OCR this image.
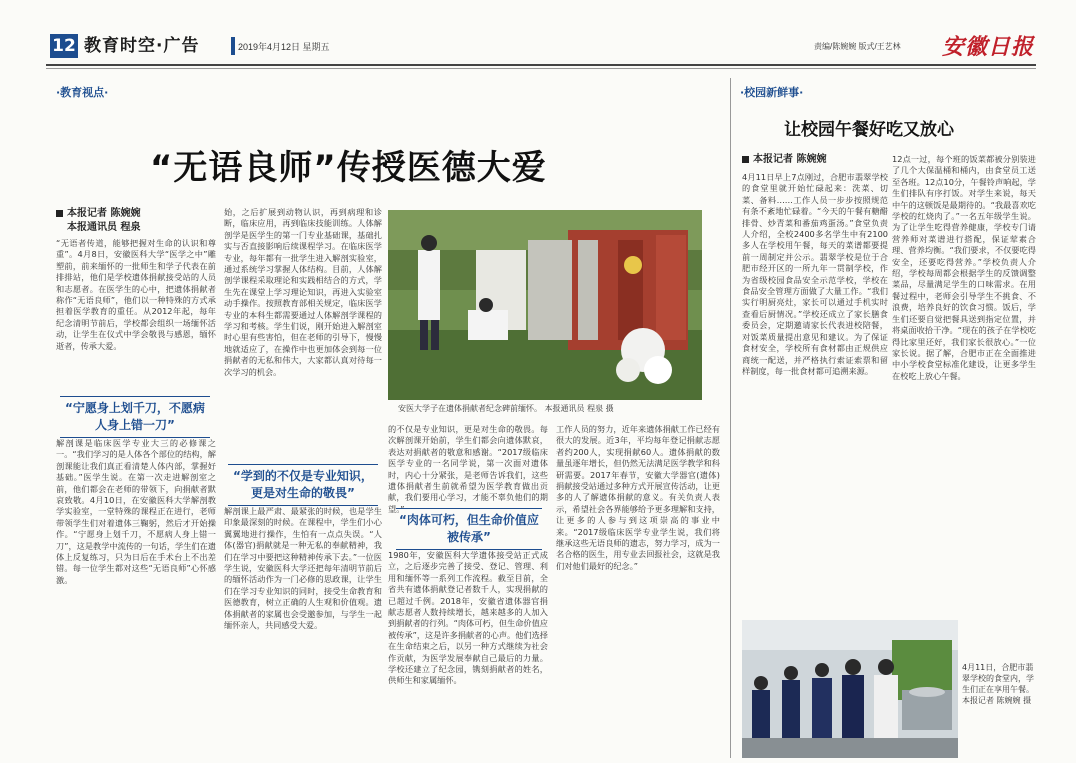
12 教育时空·广告	2019年4月12日 星期五	责编/陈婉婉 版式/王艺林 安徽日报
·教育视点·	·校园新鲜事·
“无语良师”传授医德大爱
本报记者 陈婉婉
本报通讯员 程泉
“无语者传道，能够把握对生命的认识和尊重”。4月8日，安徽医科大学“医学之中”雕塑前，前来缅怀的一批师生和学子代表在前排排站，他们是学校遗体捐献接受站的人员和志愿者。在医学生的心中，把遗体捐献者称作“无语良师”，他们以一种特殊的方式承担着医学教育的重任。从2012年起，每年纪念清明节前后，学校都会组织一场缅怀活动，让学生在仪式中学会敬畏与感恩，缅怀逝者，传承大爱。
“宁愿身上划千刀，不愿病人身上错一刀”
解剖课是临床医学专业大三的必修课之一。“我们学习的是人体各个部位的结构，解剖课能让我们真正看清楚人体内部，掌握好基础。”医学生说。在第一次走进解剖室之前，他们都会在老师的带领下，向捐献者默哀致敬。4月10日，在安徽医科大学解剖教学实验室，一堂特殊的课程正在进行，老师带领学生们对着遗体三鞠躬，然后才开始操作。“宁愿身上划千刀，不愿病人身上错一刀”，这是教学中流传的一句话，学生们在遗体上反复练习，只为日后在手术台上不出差错。每一位学生都对这些“无语良师”心怀感激。
始，之后扩展到动物认识，再到病理和诊断，临床应用，再到临床技能训练。人体解剖学是医学生的第一门专业基础课，基础扎实与否直接影响后续课程学习。在临床医学专业，每年都有一批学生进入解剖实验室，通过系统学习掌握人体结构。目前，人体解剖学课程采取理论和实践相结合的方式，学生先在课堂上学习理论知识，再进入实验室动手操作。按照教育部相关规定，临床医学专业的本科生都需要通过人体解剖学课程的学习和考核。学生们说，刚开始进入解剖室时心里有些害怕，但在老师的引导下，慢慢地就适应了，在操作中也更加体会到每一位捐献者的无私和伟大，大家都认真对待每一次学习的机会。
安医大学子在遗体捐献者纪念碑前缅怀。 本报通讯员 程泉 摄
的不仅是专业知识，更是对生命的敬畏。每次解剖课开始前，学生们都会向遗体默哀，表达对捐献者的敬意和感谢。“2017级临床医学专业的一名同学说，第一次面对遗体时，内心十分紧张，是老师告诉我们，这些遗体捐献者生前就希望为医学教育做出贡献，我们要用心学习，才能不辜负他们的期望。”
“学到的不仅是专业知识，更是对生命的敬畏”
解剖课上最严肃、最紧张的时候，也是学生印象最深刻的时候。在课程中，学生们小心翼翼地进行操作，生怕有一点点失误。“人体(器官)捐献就是一种无私的奉献精神，我们在学习中要把这种精神传承下去。”一位医学生说，安徽医科大学还把每年清明节前后的缅怀活动作为一门必修的思政课，让学生们在学习专业知识的同时，接受生命教育和医德教育，树立正确的人生观和价值观。遗体捐献者的家属也会受邀参加，与学生一起缅怀亲人，共同感受大爱。
“肉体可朽，但生命价值应被传承”
1980年，安徽医科大学遗体接受站正式成立，之后逐步完善了接受、登记、管理、利用和缅怀等一系列工作流程。截至目前，全省共有遗体捐献登记者数千人，实现捐献的已超过千例。2018年，安徽省遗体器官捐献志愿者人数持续增长，越来越多的人加入到捐献者的行列。“肉体可朽，但生命价值应被传承”，这是许多捐献者的心声。他们选择在生命结束之后，以另一种方式继续为社会作贡献，为医学发展奉献自己最后的力量。学校还建立了纪念园，镌刻捐献者的姓名，供师生和家属缅怀。
工作人员的努力，近年来遗体捐献工作已经有很大的发展。近3年，平均每年登记捐献志愿者约200人，实现捐献60人。遗体捐献的数量虽逐年增长，但仍然无法满足医学教学和科研需要。2017年春节，安徽大学器官(遗体)捐献接受站通过多种方式开展宣传活动，让更多的人了解遗体捐献的意义。有关负责人表示，希望社会各界能够给予更多理解和支持，让更多的人参与到这项崇高的事业中来。“2017级临床医学专业学生说，我们将继承这些无语良师的遗志，努力学习，成为一名合格的医生，用专业去回报社会，这就是我们对他们最好的纪念。”
让校园午餐好吃又放心
本报记者 陈婉婉
4月11日早上7点刚过，合肥市翡翠学校的食堂里就开始忙碌起来：洗菜、切菜、备料……工作人员一步步按照规范有条不紊地忙碌着。“今天的午餐有糖醋排骨、炒青菜和番茄鸡蛋汤。”食堂负责人介绍，全校2400多名学生中有2100多人在学校用午餐，每天的菜谱都要提前一周制定并公示。翡翠学校是位于合肥市经开区的一所九年一贯制学校，作为省级校园食品安全示范学校，学校在食品安全管理方面做了大量工作。“我们实行明厨亮灶，家长可以通过手机实时查看后厨情况。”学校还成立了家长膳食委员会，定期邀请家长代表进校陪餐，对饭菜质量提出意见和建议。为了保证食材安全，学校所有食材都由正规供应商统一配送，并严格执行索证索票和留样制度，每一批食材都可追溯来源。
12点一过，每个班的饭菜都被分别装进了几个大保温桶和桶内，由食堂员工送至各班。12点10分，午餐铃声响起，学生们排队有序打饭。对学生来说，每天中午的这顿饭是最期待的。“我最喜欢吃学校的红烧肉了。”一名五年级学生说。为了让学生吃得营养健康，学校专门请营养师对菜谱进行搭配，保证荤素合理、营养均衡。“我们要求，不仅要吃得安全，还要吃得营养。”学校负责人介绍，学校每周都会根据学生的反馈调整菜品，尽量满足学生的口味需求。在用餐过程中，老师会引导学生不挑食、不浪费，培养良好的饮食习惯。饭后，学生们还要自觉把餐具送到指定位置，并将桌面收拾干净。“现在的孩子在学校吃得比家里还好，我们家长很放心。”一位家长说。据了解，合肥市正在全面推进中小学校食堂标准化建设，让更多学生在校吃上放心午餐。
4月11日，合肥市翡翠学校的食堂内，学生们正在享用午餐。 本报记者 陈婉婉 摄
